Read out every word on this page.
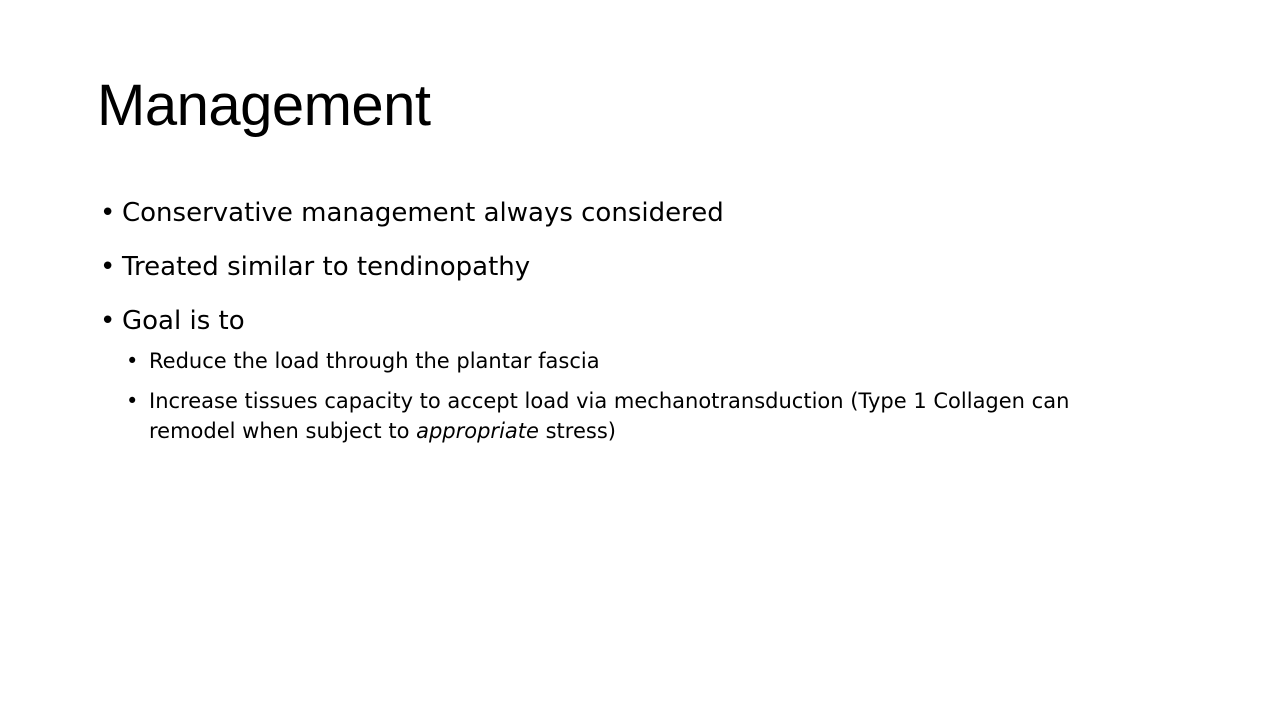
Management
• Conservative management always considered
• Treated similar to tendinopathy
• Goal is to
• Reduce the load through the plantar fascia
• Increase tissues capacity to accept load via mechanotransduction (Type 1 Collagen can remodel when subject to appropriate stress)
